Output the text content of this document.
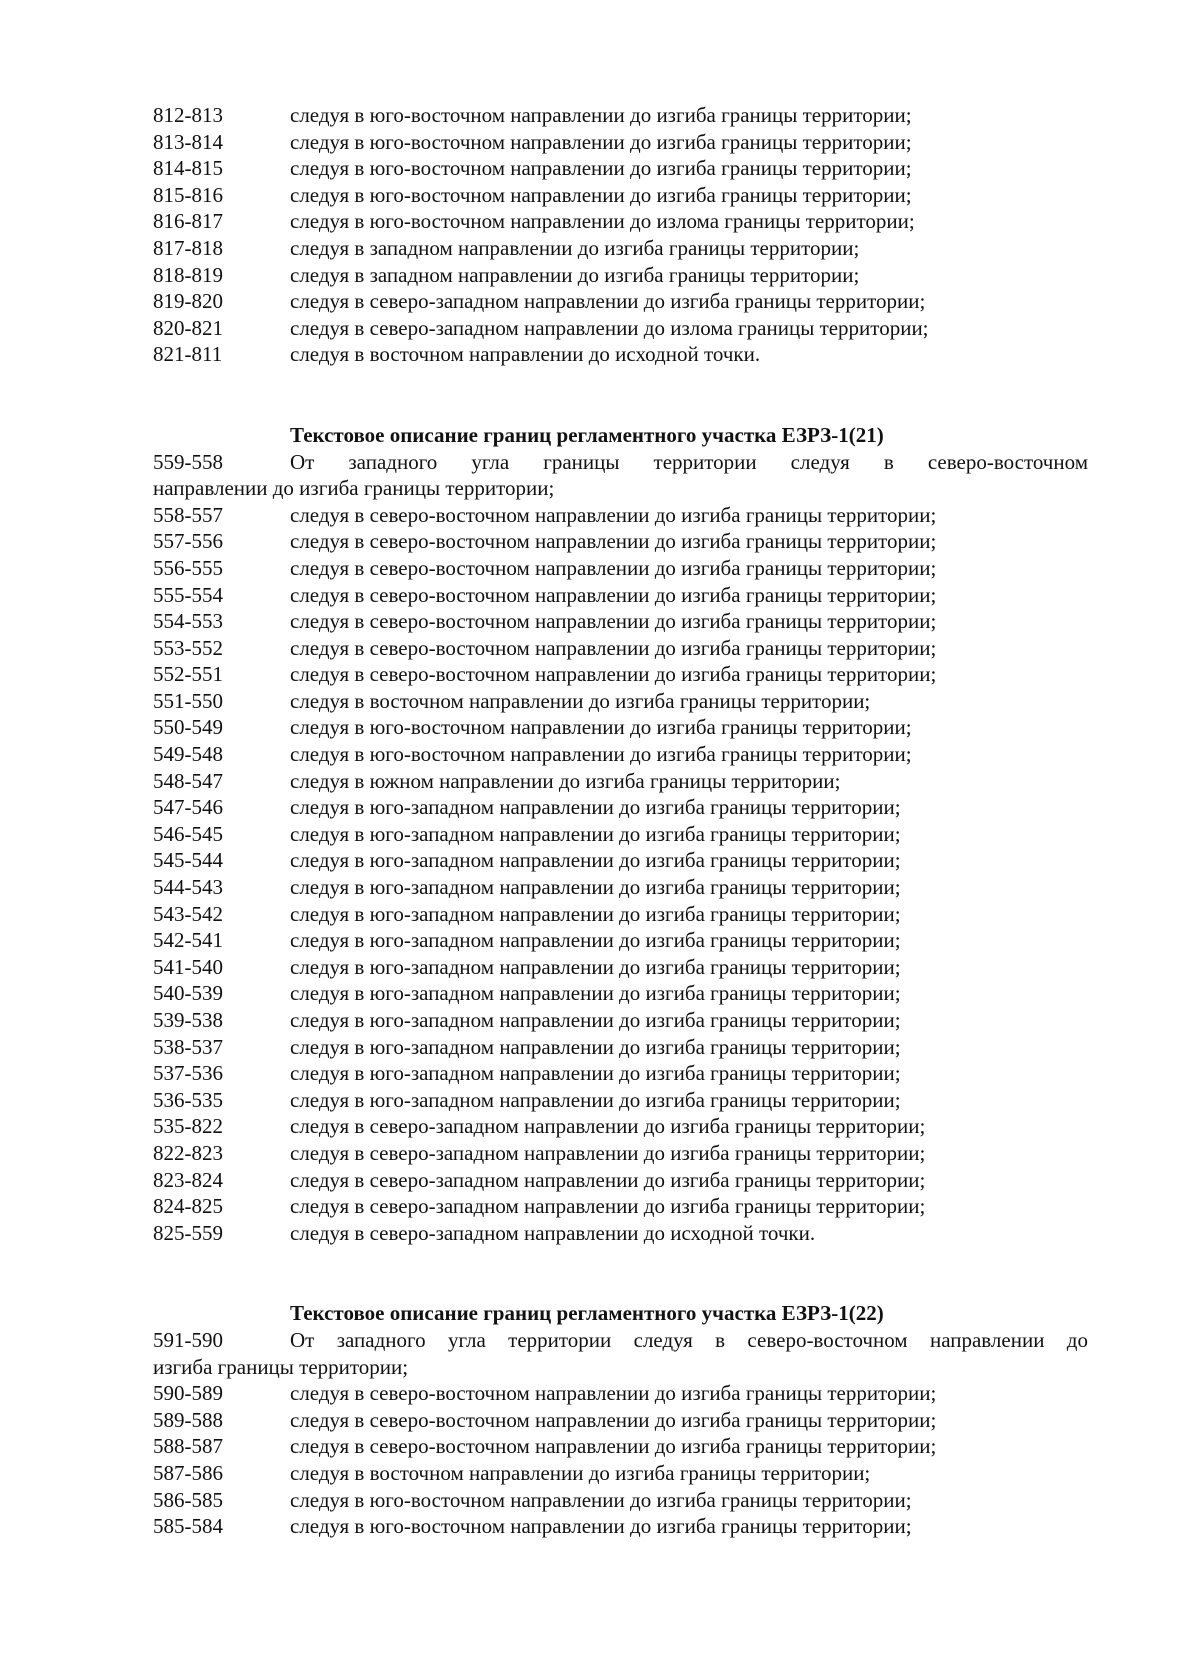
812-813	следуя в юго-восточном направлении до изгиба границы территории;
813-814	следуя в юго-восточном направлении до изгиба границы территории;
814-815	следуя в юго-восточном направлении до изгиба границы территории;
815-816	следуя в юго-восточном направлении до изгиба границы территории;
816-817	следуя в юго-восточном направлении до излома границы территории;
817-818	следуя в западном направлении до изгиба границы территории;
818-819	следуя в западном направлении до изгиба границы территории;
819-820	следуя в северо-западном направлении до изгиба границы территории;
820-821	следуя в северо-западном направлении до излома границы территории;
821-811	следуя в восточном направлении до исходной точки.
Текстовое описание границ регламентного участка ЕЗРЗ-1(21)
559-558	От западного угла границы территории следуя в северо-восточном
направлении до изгиба границы территории;
558-557	следуя в северо-восточном направлении до изгиба границы территории;
557-556	следуя в северо-восточном направлении до изгиба границы территории;
556-555	следуя в северо-восточном направлении до изгиба границы территории;
555-554	следуя в северо-восточном направлении до изгиба границы территории;
554-553	следуя в северо-восточном направлении до изгиба границы территории;
553-552	следуя в северо-восточном направлении до изгиба границы территории;
552-551	следуя в северо-восточном направлении до изгиба границы территории;
551-550	следуя в восточном направлении до изгиба границы территории;
550-549	следуя в юго-восточном направлении до изгиба границы территории;
549-548	следуя в юго-восточном направлении до изгиба границы территории;
548-547	следуя в южном направлении до изгиба границы территории;
547-546	следуя в юго-западном направлении до изгиба границы территории;
546-545	следуя в юго-западном направлении до изгиба границы территории;
545-544	следуя в юго-западном направлении до изгиба границы территории;
544-543	следуя в юго-западном направлении до изгиба границы территории;
543-542	следуя в юго-западном направлении до изгиба границы территории;
542-541	следуя в юго-западном направлении до изгиба границы территории;
541-540	следуя в юго-западном направлении до изгиба границы территории;
540-539	следуя в юго-западном направлении до изгиба границы территории;
539-538	следуя в юго-западном направлении до изгиба границы территории;
538-537	следуя в юго-западном направлении до изгиба границы территории;
537-536	следуя в юго-западном направлении до изгиба границы территории;
536-535	следуя в юго-западном направлении до изгиба границы территории;
535-822	следуя в северо-западном направлении до изгиба границы территории;
822-823	следуя в северо-западном направлении до изгиба границы территории;
823-824	следуя в северо-западном направлении до изгиба границы территории;
824-825	следуя в северо-западном направлении до изгиба границы территории;
825-559	следуя в северо-западном направлении до исходной точки.
Текстовое описание границ регламентного участка ЕЗРЗ-1(22)
591-590	От западного угла территории следуя в северо-восточном направлении до
изгиба границы территории;
590-589	следуя в северо-восточном направлении до изгиба границы территории;
589-588	следуя в северо-восточном направлении до изгиба границы территории;
588-587	следуя в северо-восточном направлении до изгиба границы территории;
587-586	следуя в восточном направлении до изгиба границы территории;
586-585	следуя в юго-восточном направлении до изгиба границы территории;
585-584	следуя в юго-восточном направлении до изгиба границы территории;
